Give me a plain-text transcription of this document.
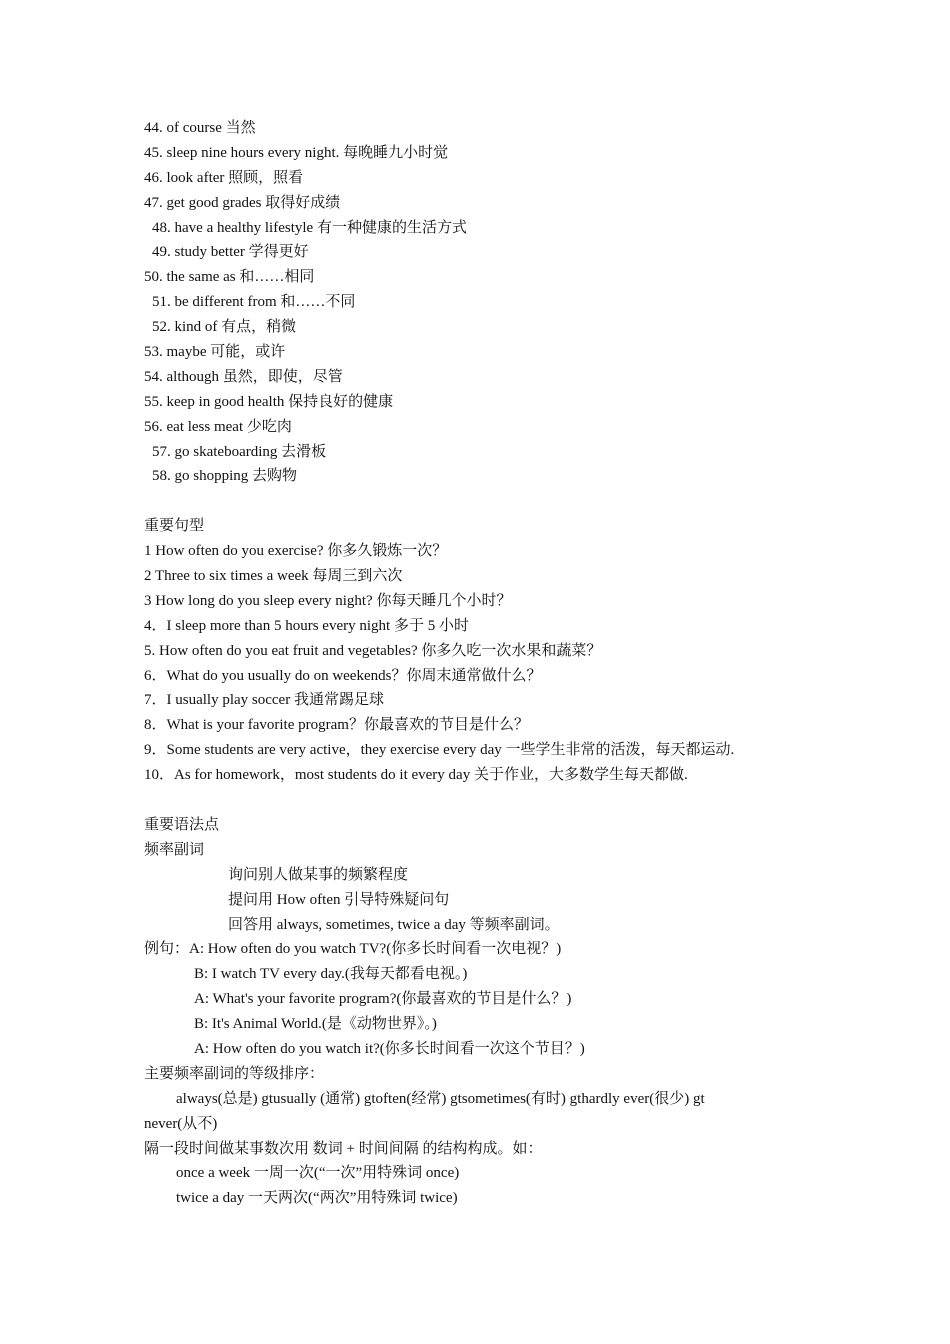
44. of course 当然
45. sleep nine hours every night. 每晚睡九小时觉
46. look after 照顾，照看
47. get good grades 取得好成绩
48. have a healthy lifestyle 有一种健康的生活方式
49. study better 学得更好
50. the same as 和……相同
51. be different from 和……不同
52. kind of 有点，稍微
53. maybe 可能，或许
54. although 虽然，即使，尽管
55. keep in good health 保持良好的健康
56. eat less meat 少吃肉
57. go skateboarding 去滑板
58. go shopping 去购物
重要句型
1 How often do you exercise? 你多久锻炼一次？
2 Three to six times a week 每周三到六次
3 How long do you sleep every night? 你每天睡几个小时？
4．I sleep more than 5 hours every night 多于 5 小时
5. How often do you eat fruit and vegetables? 你多久吃一次水果和蔬菜？
6．What do you usually do on weekends？你周末通常做什么？
7．I usually play soccer 我通常踢足球
8．What is your favorite program？你最喜欢的节目是什么？
9．Some students are very active，they exercise every day 一些学生非常的活泼，每天都运动.
10．As for homework，most students do it every day 关于作业，大多数学生每天都做.
重要语法点
频率副词
询问别人做某事的频繁程度
提问用 How often 引导特殊疑问句
回答用 always, sometimes, twice a day 等频率副词。
例句：A: How often do you watch TV?(你多长时间看一次电视？)
B: I watch TV every day.(我每天都看电视。)
A: What's your favorite program?(你最喜欢的节目是什么？)
B: It's Animal World.(是《动物世界》。)
A: How often do you watch it?(你多长时间看一次这个节目？)
主要频率副词的等级排序：
always(总是) gtusually (通常) gtoften(经常) gtsometimes(有时) gthardly ever(很少) gt
never(从不)
隔一段时间做某事数次用 数词 + 时间间隔 的结构构成。如：
once a week 一周一次(“一次”用特殊词 once)
twice a day 一天两次(“两次”用特殊词 twice)
